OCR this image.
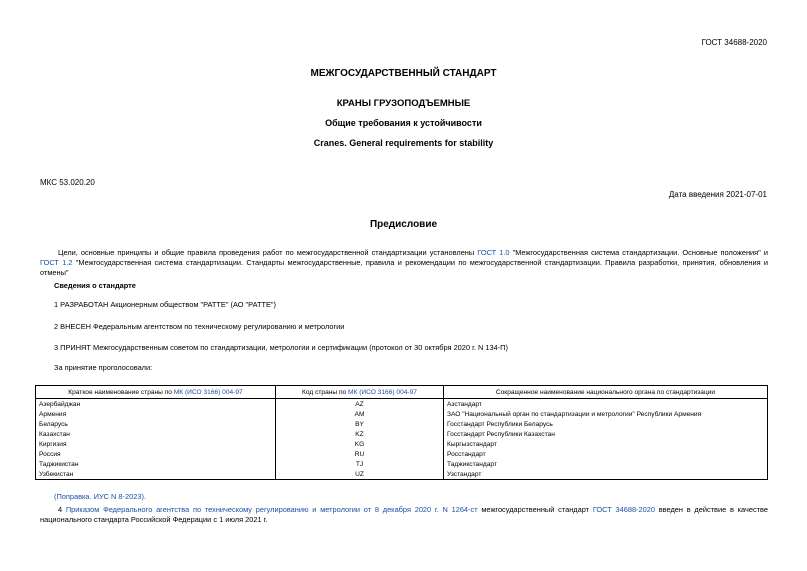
ГОСТ 34688-2020
МЕЖГОСУДАРСТВЕННЫЙ СТАНДАРТ
КРАНЫ ГРУЗОПОДЪЕМНЫЕ
Общие требования к устойчивости
Cranes. General requirements for stability
МКС 53.020.20
Дата введения 2021-07-01
Предисловие
Цели, основные принципы и общие правила проведения работ по межгосударственной стандартизации установлены ГОСТ 1.0 "Межгосударственная система стандартизации. Основные положения" и ГОСТ 1.2 "Межгосударственная система стандартизации. Стандарты межгосударственные, правила и рекомендации по межгосударственной стандартизации. Правила разработки, принятия, обновления и отмены"
Сведения о стандарте
1 РАЗРАБОТАН Акционерным обществом "РАТТЕ" (АО "РАТТЕ")
2 ВНЕСЕН Федеральным агентством по техническому регулированию и метрологии
3 ПРИНЯТ Межгосударственным советом по стандартизации, метрологии и сертификации (протокол от 30 октября 2020 г. N 134-П)
За принятие проголосовали:
Краткое наименование страны по МК (ИСО 3166) 004-97	Код страны по МК (ИСО 3166) 004-97	Сокращенное наименование национального органа по стандартизации
Азербайджан	AZ	Азстандарт
Армения	AM	ЗАО "Национальный орган по стандартизации и метрологии" Республики Армения
Беларусь	BY	Госстандарт Республики Беларусь
Казахстан	KZ	Госстандарт Республики Казахстан
Киргизия	KG	Кыргызстандарт
Россия	RU	Росстандарт
Таджикистан	TJ	Таджикстандарт
Узбекистан	UZ	Узстандарт
(Поправка. ИУС N 8-2023).
4 Приказом Федерального агентства по техническому регулированию и метрологии от 8 декабря 2020 г. N 1264-ст межгосударственный стандарт ГОСТ 34688-2020 введен в действие в качестве национального стандарта Российской Федерации с 1 июля 2021 г.
